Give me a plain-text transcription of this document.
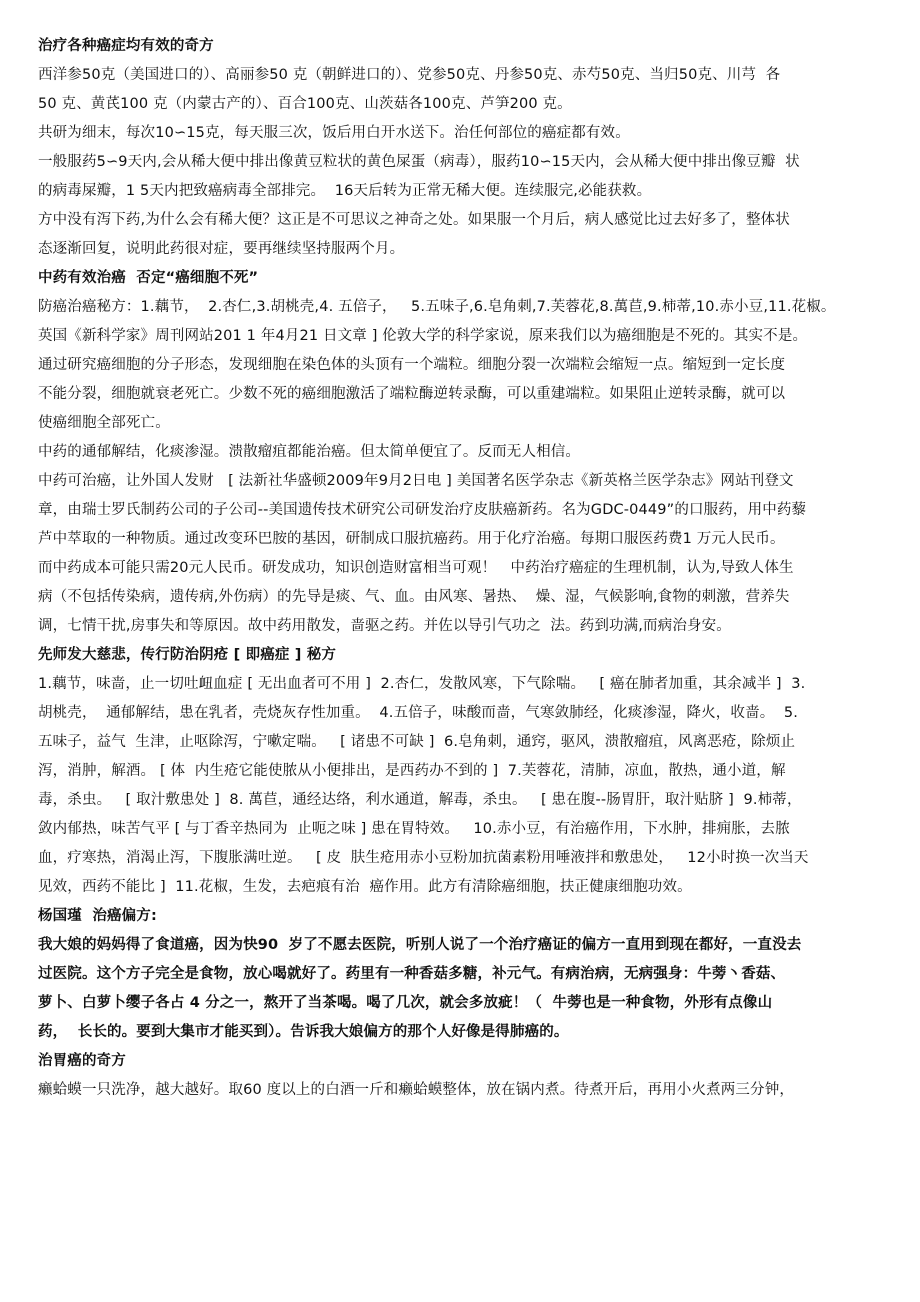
治疗各种癌症均有效的奇方
西洋参50克（美国进口的）、高丽参50 克（朝鲜进口的）、党参50克、丹参50克、赤芍50克、当归50克、川芎  各
50 克、黄芪100 克（内蒙古产的）、百合100克、山茨菇各100克、芦笋200 克。
共研为细末，每次10∽15克，每天服三次，饭后用白开水送下。治任何部位的癌症都有效。
一般服药5∽9天内,会从稀大便中排出像黄豆粒状的黄色屎蛋（病毒），服药10∽15天内，会从稀大便中排出像豆瓣  状
的病毒屎瓣，1 5天内把致癌病毒全部排完。  16天后转为正常无稀大便。连续服完,必能获救。
方中没有泻下药,为什么会有稀大便？这正是不可思议之神奇之处。如果服一个月后，病人感觉比过去好多了，整体状
态逐渐回复，说明此药很对症，要再继续坚持服两个月。
中药有效治癌  否定“癌细胞不死”
防癌治癌秘方：1.藕节，  2.杏仁,3.胡桃壳,4. 五倍子，   5.五味子,6.皂角刺,7.芙蓉花,8.萬苣,9.柿蒂,10.赤小豆,11.花椒。
英国《新科学家》周刊网站201 1 年4月21 日文章 ] 伦敦大学的科学家说，原来我们以为癌细胞是不死的。其实不是。
通过研究癌细胞的分子形态，发现细胞在染色体的头顶有一个端粒。细胞分裂一次端粒会缩短一点。缩短到一定长度
不能分裂，细胞就衰老死亡。少数不死的癌细胞激活了端粒酶逆转录酶，可以重建端粒。如果阻止逆转录酶，就可以
使癌细胞全部死亡。
中药的通郁解结，化痰渗湿。溃散瘤疽都能治癌。但太简单便宜了。反而无人相信。
中药可治癌，让外国人发财   [ 法新社华盛顿2009年9月2日电 ] 美国著名医学杂志《新英格兰医学杂志》网站刊登文
章，由瑞士罗氏制药公司的子公司--美国遗传技术研究公司研发治疗皮肤癌新药。名为GDC-0449”的口服药，用中药藜
芦中萃取的一种物质。通过改变环巴胺的基因，研制成口服抗癌药。用于化疗治癌。每期口服医药费1 万元人民币。
而中药成本可能只需20元人民币。研发成功，知识创造财富相当可观！   中药治疗癌症的生理机制，认为,导致人体生
病（不包括传染病，遗传病,外伤病）的先导是痰、气、血。由风寒、暑热、  燥、湿，气候影响,食物的刺激，营养失
调，七情干扰,房事失和等原因。故中药用散发，啬驱之药。并佐以导引气功之  法。药到功满,而病治身安。
先师发大慈悲，传行防治阴疮 [ 即癌症 ] 秘方
1.藕节，味啬，止一切吐衄血症 [ 无出血者可不用 ]  2.杏仁，发散风寒，下气除喘。   [ 癌在肺者加重，其余减半 ]  3.
胡桃壳，  通郁解结，患在乳者，壳烧灰存性加重。  4.五倍子，味酸而啬，气寒敛肺经，化痰渗湿，降火，收啬。  5.
五味子，益气  生津，止呕除泻，宁嗽定喘。   [ 诸患不可缺 ]  6.皂角刺，通窍，驱风，溃散瘤疽，风离恶疮，除烦止
泻，消肿，解酒。 [ 体  内生疮它能使脓从小便排出，是西药办不到的 ]  7.芙蓉花，清肺，凉血，散热，通小道，解
毒，杀虫。   [ 取汁敷患处 ]  8. 萬苣，通经达络，利水通道，解毒，杀虫。   [ 患在腹--肠胃肝，取汁贴脐 ]  9.柿蒂，
敛内郁热，味苦气平 [ 与丁香辛热同为  止呃之味 ] 患在胃特效。   10.赤小豆，有治癌作用，下水肿，排痈胀，去脓
血，疗寒热，消渴止泻，下腹胀满吐逆。   [ 皮  肤生疮用赤小豆粉加抗菌素粉用唾液拌和敷患处，   12小时换一次当天
见效，西药不能比 ]  11.花椒，生发，去疤痕有治  癌作用。此方有清除癌细胞，扶正健康细胞功效。
杨国瑾  治癌偏方:
我大娘的妈妈得了食道癌，因为快90  岁了不愿去医院，听别人说了一个治疗癌证的偏方一直用到现在都好，一直没去
过医院。这个方子完全是食物，放心喝就好了。药里有一种香菇多糖，补元气。有病治病，无病强身：牛蒡丶香菇、
萝卜、白萝卜缨子各占 4 分之一，熬开了当茶喝。喝了几次，就会多放疵！（  牛蒡也是一种食物，外形有点像山
药，  长长的。要到大集市才能买到）。告诉我大娘偏方的那个人好像是得肺癌的。
治胃癌的奇方
癞蛤蟆一只洗净，越大越好。取60 度以上的白酒一斤和癞蛤蟆整体，放在锅内煮。待煮开后，再用小火煮两三分钟，
